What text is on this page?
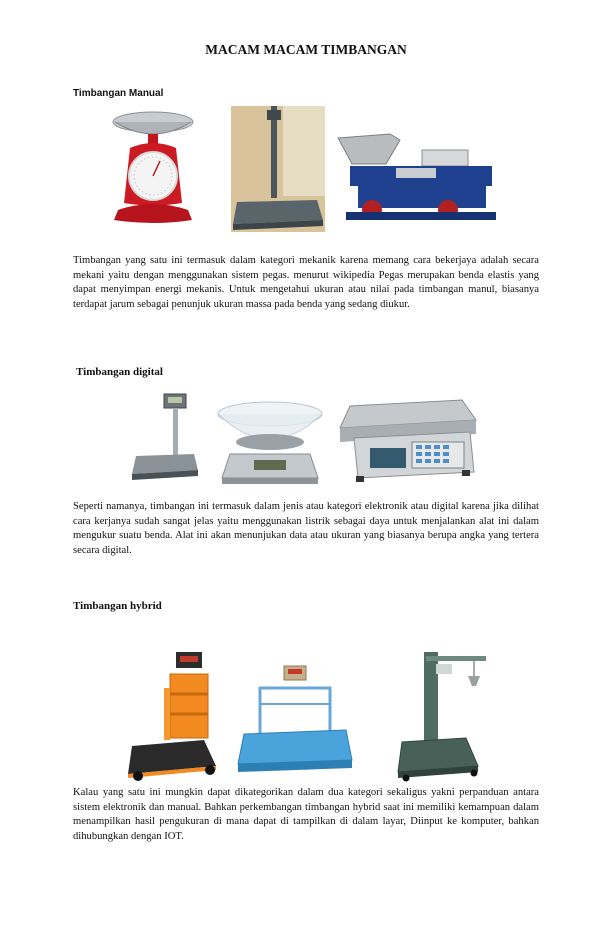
MACAM MACAM TIMBANGAN
Timbangan Manual
Timbangan yang satu ini termasuk dalam kategori mekanik karena memang cara bekerjaya adalah secara mekani yaitu dengan menggunakan sistem pegas. menurut wikipedia Pegas merupakan benda elastis yang dapat menyimpan energi mekanis. Untuk mengetahui ukuran atau nilai pada timbangan manul, biasanya terdapat jarum sebagai penunjuk ukuran massa pada benda yang sedang diukur.
Timbangan digital
Seperti namanya, timbangan ini termasuk dalam jenis atau kategori elektronik atau digital karena jika dilihat cara kerjanya sudah sangat jelas yaitu menggunakan listrik sebagai daya untuk menjalankan alat ini dalam mengukur suatu benda. Alat ini akan menunjukan data atau ukuran yang biasanya berupa angka yang tertera secara digital.
Timbangan hybrid
Kalau yang satu ini mungkin dapat dikategorikan dalam dua kategori sekaligus yakni perpanduan antara sistem elektronik dan manual. Bahkan perkembangan timbangan hybrid saat ini memiliki kemampuan dalam menampilkan hasil pengukuran di mana dapat di tampilkan di dalam layar, Diinput ke komputer, bahkan dihubungkan dengan IOT.
